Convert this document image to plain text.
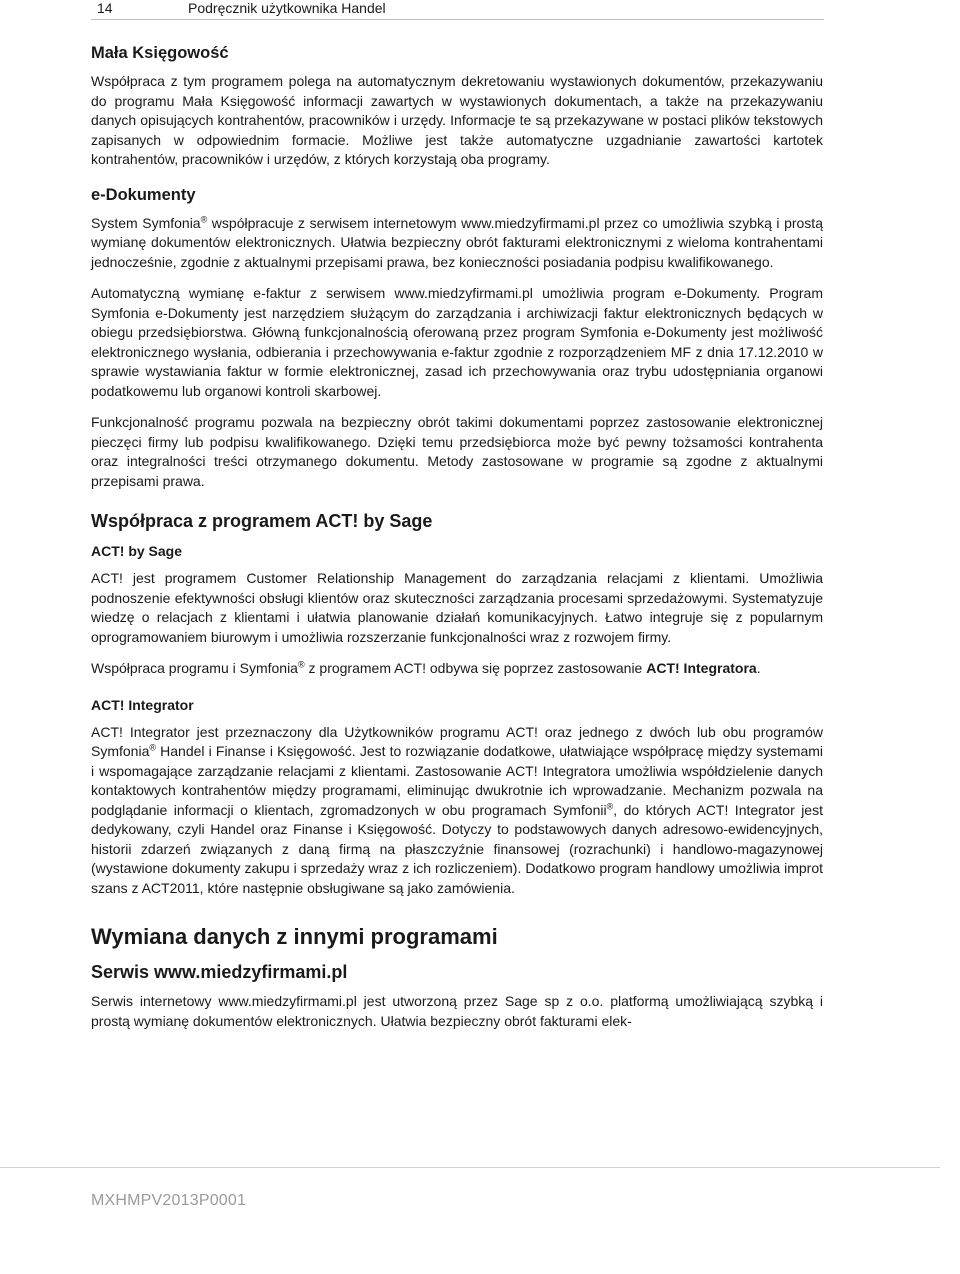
14	Podręcznik użytkownika Handel
Mała Księgowość

Współpraca z tym programem polega na automatycznym dekretowaniu wystawionych dokumentów, przekazywaniu do programu Mała Księgowość informacji zawartych w wystawionych dokumentach, a także na przekazywaniu danych opisujących kontrahentów, pracowników i urzędy. Informacje te są przekazywane w postaci plików tekstowych zapisanych w odpowiednim formacie. Możliwe jest także automatyczne uzgadnianie zawartości kartotek kontrahentów, pracowników i urzędów, z których korzystają oba programy.

e-Dokumenty

System Symfonia® współpracuje z serwisem internetowym www.miedzyfirmami.pl przez co umożliwia szybką i prostą wymianę dokumentów elektronicznych. Ułatwia bezpieczny obrót fakturami elektronicznymi z wieloma kontrahentami jednocześnie, zgodnie z aktualnymi przepisami prawa, bez konieczności posiadania podpisu kwalifikowanego.

Automatyczną wymianę e-faktur z serwisem www.miedzyfirmami.pl umożliwia program e-Dokumenty. Program Symfonia e-Dokumenty jest narzędziem służącym do zarządzania i archiwizacji faktur elektronicznych będących w obiegu przedsiębiorstwa. Główną funkcjonalnością oferowaną przez program Symfonia e-Dokumenty jest możliwość elektronicznego wysłania, odbierania i przechowywania e-faktur zgodnie z rozporządzeniem MF z dnia 17.12.2010 w sprawie wystawiania faktur w formie elektronicznej, zasad ich przechowywania oraz trybu udostępniania organowi podatkowemu lub organowi kontroli skarbowej.

Funkcjonalność programu pozwala na bezpieczny obrót takimi dokumentami poprzez zastosowanie elektronicznej pieczęci firmy lub podpisu kwalifikowanego. Dzięki temu przedsiębiorca może być pewny tożsamości kontrahenta oraz integralności treści otrzymanego dokumentu. Metody zastosowane w programie są zgodne z aktualnymi przepisami prawa.

Współpraca z programem ACT! by Sage
ACT! by Sage

ACT! jest programem Customer Relationship Management do zarządzania relacjami z klientami. Umożliwia podnoszenie efektywności obsługi klientów oraz skuteczności zarządzania procesami sprzedażowymi. Systematyzuje wiedzę o relacjach z klientami i ułatwia planowanie działań komunikacyjnych. Łatwo integruje się z popularnym oprogramowaniem biurowym i umożliwia rozszerzanie funkcjonalności wraz z rozwojem firmy.

Współpraca programu i Symfonia® z programem ACT! odbywa się poprzez zastosowanie ACT! Integratora.

ACT! Integrator

ACT! Integrator jest przeznaczony dla Użytkowników programu ACT! oraz jednego z dwóch lub obu programów Symfonia® Handel i Finanse i Księgowość. Jest to rozwiązanie dodatkowe, ułatwiające współpracę między systemami i wspomagające zarządzanie relacjami z klientami. Zastosowanie ACT! Integratora umożliwia współdzielenie danych kontaktowych kontrahentów między programami, eliminując dwukrotnie ich wprowadzanie. Mechanizm pozwala na podglądanie informacji o klientach, zgromadzonych w obu programach Symfonii®, do których ACT! Integrator jest dedykowany, czyli Handel oraz Finanse i Księgowość. Dotyczy to podstawowych danych adresowo-ewidencyjnych, historii zdarzeń związanych z daną firmą na płaszczyźnie finansowej (rozrachunki) i handlowo-magazynowej (wystawione dokumenty zakupu i sprzedaży wraz z ich rozliczeniem). Dodatkowo program handlowy umożliwia improt szans z ACT2011, które następnie obsługiwane są jako zamówienia.

Wymiana danych z innymi programami
Serwis www.miedzyfirmami.pl

Serwis internetowy www.miedzyfirmami.pl jest utworzoną przez Sage sp z o.o. platformą umożliwiającą szybką i prostą wymianę dokumentów elektronicznych. Ułatwia bezpieczny obrót fakturami elek-

MXHMPV2013P0001
